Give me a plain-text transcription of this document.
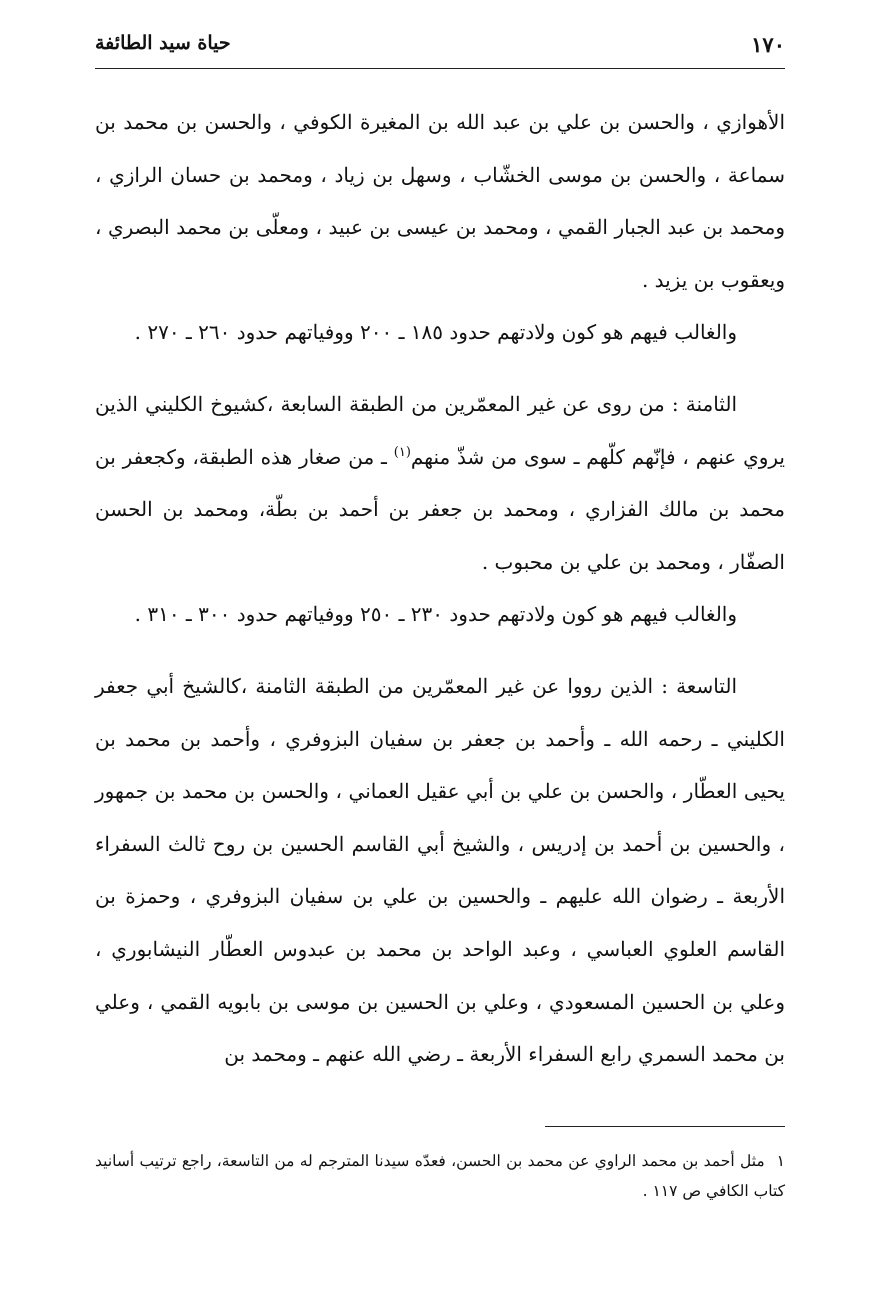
١٧٠
حياة سيد الطائفة

الأهوازي ، والحسن بن علي بن عبد الله بن المغيرة الكوفي ، والحسن بن محمد بن سماعة ، والحسن بن موسى الخشّاب ، وسهل بن زياد ، ومحمد بن حسان الرازي ، ومحمد بن عبد الجبار القمي ، ومحمد بن عيسى بن عبيد ، ومعلّى بن محمد البصري ، ويعقوب بن يزيد .

والغالب فيهم هو كون ولادتهم حدود ١٨٥ ـ ٢٠٠ ووفياتهم حدود ٢٦٠ ـ ٢٧٠ .

الثامنة : من روى عن غير المعمّرين من الطبقة السابعة ،كشيوخ الكليني الذين يروي عنهم ، فإنّهم كلّهم ـ سوى من شذّ منهم$^{(١)}$ ـ من صغار هذه الطبقة، وكجعفر بن محمد بن مالك الفزاري ، ومحمد بن جعفر بن أحمد بن بطّة، ومحمد بن الحسن الصفّار ، ومحمد بن علي بن محبوب .

والغالب فيهم هو كون ولادتهم حدود ٢٣٠ ـ ٢٥٠ ووفياتهم حدود ٣٠٠ ـ ٣١٠ .

التاسعة : الذين رووا عن غير المعمّرين من الطبقة الثامنة ،كالشيخ أبي جعفر الكليني ـ رحمه الله ـ وأحمد بن جعفر بن سفيان البزوفري ، وأحمد بن محمد بن يحيى العطّار ، والحسن بن علي بن أبي عقيل العماني ، والحسن بن محمد بن جمهور ، والحسين بن أحمد بن إدريس ، والشيخ أبي القاسم الحسين بن روح ثالث السفراء الأربعة ـ رضوان الله عليهم ـ والحسين بن علي بن سفيان البزوفري ، وحمزة بن القاسم العلوي العباسي ، وعبد الواحد بن محمد بن عبدوس العطّار النيشابوري ، وعلي بن الحسين المسعودي ، وعلي بن الحسين بن موسى بن بابويه القمي ، وعلي بن محمد السمري رابع السفراء الأربعة ـ رضي الله عنهم ـ ومحمد بن

١مثل أحمد بن محمد الراوي عن محمد بن الحسن، فعدّه سيدنا المترجم له من التاسعة، راجع ترتيب أسانيد كتاب الكافي ص ١١٧ .
